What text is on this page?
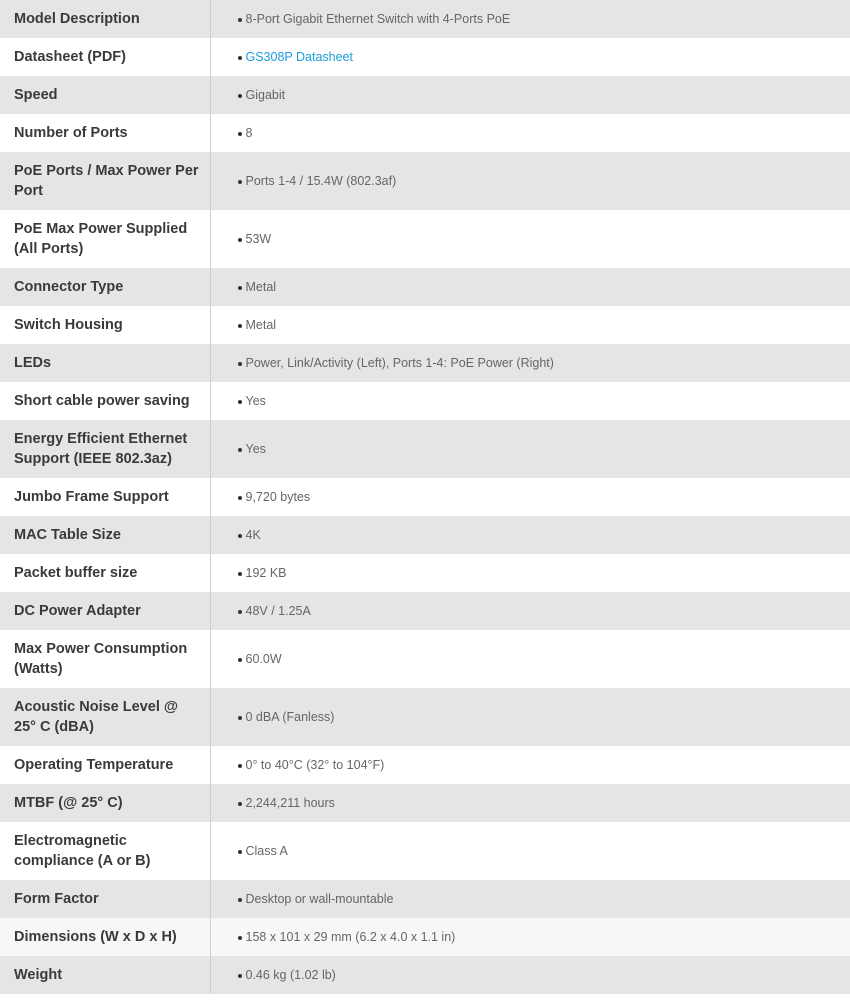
Model Description	8-Port Gigabit Ethernet Switch with 4-Ports PoE
Datasheet (PDF)	GS308P Datasheet
Speed	Gigabit
Number of Ports	8
PoE Ports / Max Power Per Port	Ports 1-4 / 15.4W (802.3af)
PoE Max Power Supplied (All Ports)	53W
Connector Type	Metal
Switch Housing	Metal
LEDs	Power, Link/Activity (Left), Ports 1-4: PoE Power (Right)
Short cable power saving	Yes
Energy Efficient Ethernet Support (IEEE 802.3az)	Yes
Jumbo Frame Support	9,720 bytes
MAC Table Size	4K
Packet buffer size	192 KB
DC Power Adapter	48V / 1.25A
Max Power Consumption (Watts)	60.0W
Acoustic Noise Level @ 25° C (dBA)	0 dBA (Fanless)
Operating Temperature	0° to 40°C (32° to 104°F)
MTBF (@ 25° C)	2,244,211 hours
Electromagnetic compliance (A or B)	Class A
Form Factor	Desktop or wall-mountable
Dimensions (W x D x H)	158 x 101 x 29 mm (6.2 x 4.0 x 1.1 in)
Weight	0.46 kg (1.02 lb)
